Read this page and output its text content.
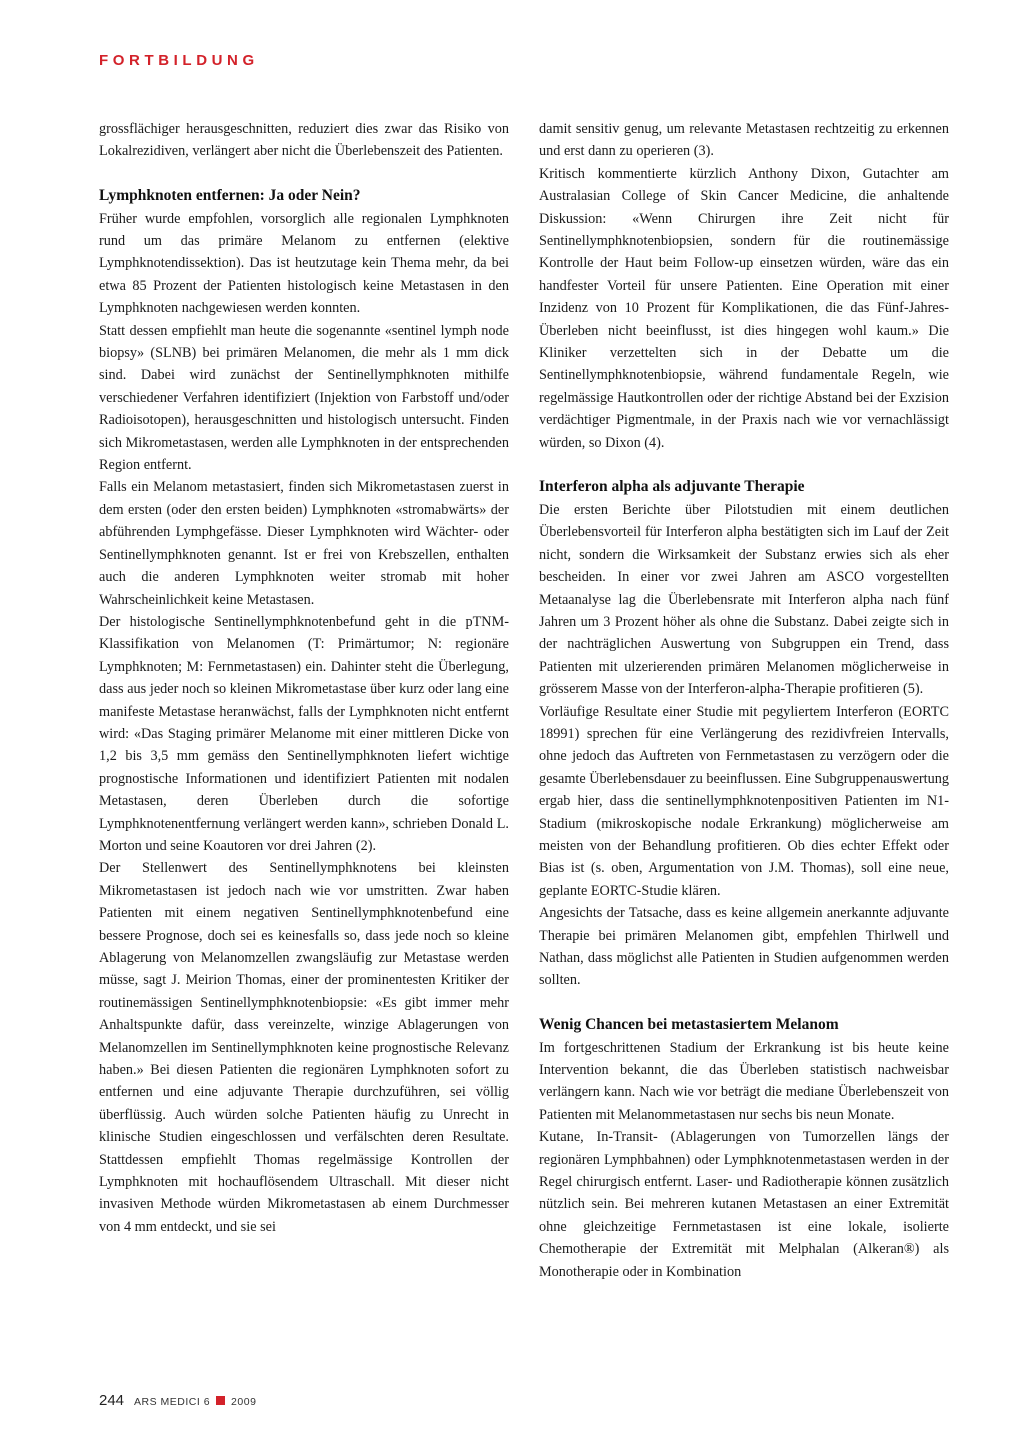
FORTBILDUNG

grossflächiger herausgeschnitten, reduziert dies zwar das Risiko von Lokalrezidiven, verlängert aber nicht die Überlebenszeit des Patienten.

Lymphknoten entfernen: Ja oder Nein?

Früher wurde empfohlen, vorsorglich alle regionalen Lymphknoten rund um das primäre Melanom zu entfernen (elektive Lymphknotendissektion). Das ist heutzutage kein Thema mehr, da bei etwa 85 Prozent der Patienten histologisch keine Metastasen in den Lymphknoten nachgewiesen werden konnten.

Statt dessen empfiehlt man heute die sogenannte «sentinel lymph node biopsy» (SLNB) bei primären Melanomen, die mehr als 1 mm dick sind. Dabei wird zunächst der Sentinellymphknoten mithilfe verschiedener Verfahren identifiziert (Injektion von Farbstoff und/oder Radioisotopen), herausgeschnitten und histologisch untersucht. Finden sich Mikrometastasen, werden alle Lymphknoten in der entsprechenden Region entfernt.

Falls ein Melanom metastasiert, finden sich Mikrometastasen zuerst in dem ersten (oder den ersten beiden) Lymphknoten «stromabwärts» der abführenden Lymphgefässe. Dieser Lymphknoten wird Wächter- oder Sentinellymphknoten genannt. Ist er frei von Krebszellen, enthalten auch die anderen Lymphknoten weiter stromab mit hoher Wahrscheinlichkeit keine Metastasen.

Der histologische Sentinellymphknotenbefund geht in die pTNM-Klassifikation von Melanomen (T: Primärtumor; N: regionäre Lymphknoten; M: Fernmetastasen) ein. Dahinter steht die Überlegung, dass aus jeder noch so kleinen Mikrometastase über kurz oder lang eine manifeste Metastase heranwächst, falls der Lymphknoten nicht entfernt wird: «Das Staging primärer Melanome mit einer mittleren Dicke von 1,2 bis 3,5 mm gemäss den Sentinellymphknoten liefert wichtige prognostische Informationen und identifiziert Patienten mit nodalen Metastasen, deren Überleben durch die sofortige Lymphknotenentfernung verlängert werden kann», schrieben Donald L. Morton und seine Koautoren vor drei Jahren (2).

Der Stellenwert des Sentinellymphknotens bei kleinsten Mikrometastasen ist jedoch nach wie vor umstritten. Zwar haben Patienten mit einem negativen Sentinellymphknotenbefund eine bessere Prognose, doch sei es keinesfalls so, dass jede noch so kleine Ablagerung von Melanomzellen zwangsläufig zur Metastase werden müsse, sagt J. Meirion Thomas, einer der prominentesten Kritiker der routinemässigen Sentinellymphknotenbiopsie: «Es gibt immer mehr Anhaltspunkte dafür, dass vereinzelte, winzige Ablagerungen von Melanomzellen im Sentinellymphknoten keine prognostische Relevanz haben.» Bei diesen Patienten die regionären Lymphknoten sofort zu entfernen und eine adjuvante Therapie durchzuführen, sei völlig überflüssig. Auch würden solche Patienten häufig zu Unrecht in klinische Studien eingeschlossen und verfälschten deren Resultate. Stattdessen empfiehlt Thomas regelmässige Kontrollen der Lymphknoten mit hochauflösendem Ultraschall. Mit dieser nicht invasiven Methode würden Mikrometastasen ab einem Durchmesser von 4 mm entdeckt, und sie sei

damit sensitiv genug, um relevante Metastasen rechtzeitig zu erkennen und erst dann zu operieren (3).

Kritisch kommentierte kürzlich Anthony Dixon, Gutachter am Australasian College of Skin Cancer Medicine, die anhaltende Diskussion: «Wenn Chirurgen ihre Zeit nicht für Sentinellymphknotenbiopsien, sondern für die routinemässige Kontrolle der Haut beim Follow-up einsetzen würden, wäre das ein handfester Vorteil für unsere Patienten. Eine Operation mit einer Inzidenz von 10 Prozent für Komplikationen, die das Fünf-Jahres-Überleben nicht beeinflusst, ist dies hingegen wohl kaum.» Die Kliniker verzettelten sich in der Debatte um die Sentinellymphknotenbiopsie, während fundamentale Regeln, wie regelmässige Hautkontrollen oder der richtige Abstand bei der Exzision verdächtiger Pigmentmale, in der Praxis nach wie vor vernachlässigt würden, so Dixon (4).

Interferon alpha als adjuvante Therapie

Die ersten Berichte über Pilotstudien mit einem deutlichen Überlebensvorteil für Interferon alpha bestätigten sich im Lauf der Zeit nicht, sondern die Wirksamkeit der Substanz erwies sich als eher bescheiden. In einer vor zwei Jahren am ASCO vorgestellten Metaanalyse lag die Überlebensrate mit Interferon alpha nach fünf Jahren um 3 Prozent höher als ohne die Substanz. Dabei zeigte sich in der nachträglichen Auswertung von Subgruppen ein Trend, dass Patienten mit ulzerierenden primären Melanomen möglicherweise in grösserem Masse von der Interferon-alpha-Therapie profitieren (5).

Vorläufige Resultate einer Studie mit pegyliertem Interferon (EORTC 18991) sprechen für eine Verlängerung des rezidivfreien Intervalls, ohne jedoch das Auftreten von Fernmetastasen zu verzögern oder die gesamte Überlebensdauer zu beeinflussen. Eine Subgruppenauswertung ergab hier, dass die sentinellymphknotenpositiven Patienten im N1-Stadium (mikroskopische nodale Erkrankung) möglicherweise am meisten von der Behandlung profitieren. Ob dies echter Effekt oder Bias ist (s. oben, Argumentation von J.M. Thomas), soll eine neue, geplante EORTC-Studie klären.

Angesichts der Tatsache, dass es keine allgemein anerkannte adjuvante Therapie bei primären Melanomen gibt, empfehlen Thirlwell und Nathan, dass möglichst alle Patienten in Studien aufgenommen werden sollten.

Wenig Chancen bei metastasiertem Melanom

Im fortgeschrittenen Stadium der Erkrankung ist bis heute keine Intervention bekannt, die das Überleben statistisch nachweisbar verlängern kann. Nach wie vor beträgt die mediane Überlebenszeit von Patienten mit Melanommetastasen nur sechs bis neun Monate.

Kutane, In-Transit- (Ablagerungen von Tumorzellen längs der regionären Lymphbahnen) oder Lymphknotenmetastasen werden in der Regel chirurgisch entfernt. Laser- und Radiotherapie können zusätzlich nützlich sein. Bei mehreren kutanen Metastasen an einer Extremität ohne gleichzeitige Fernmetastasen ist eine lokale, isolierte Chemotherapie der Extremität mit Melphalan (Alkeran®) als Monotherapie oder in Kombination

244 ARS MEDICI 6 2009
